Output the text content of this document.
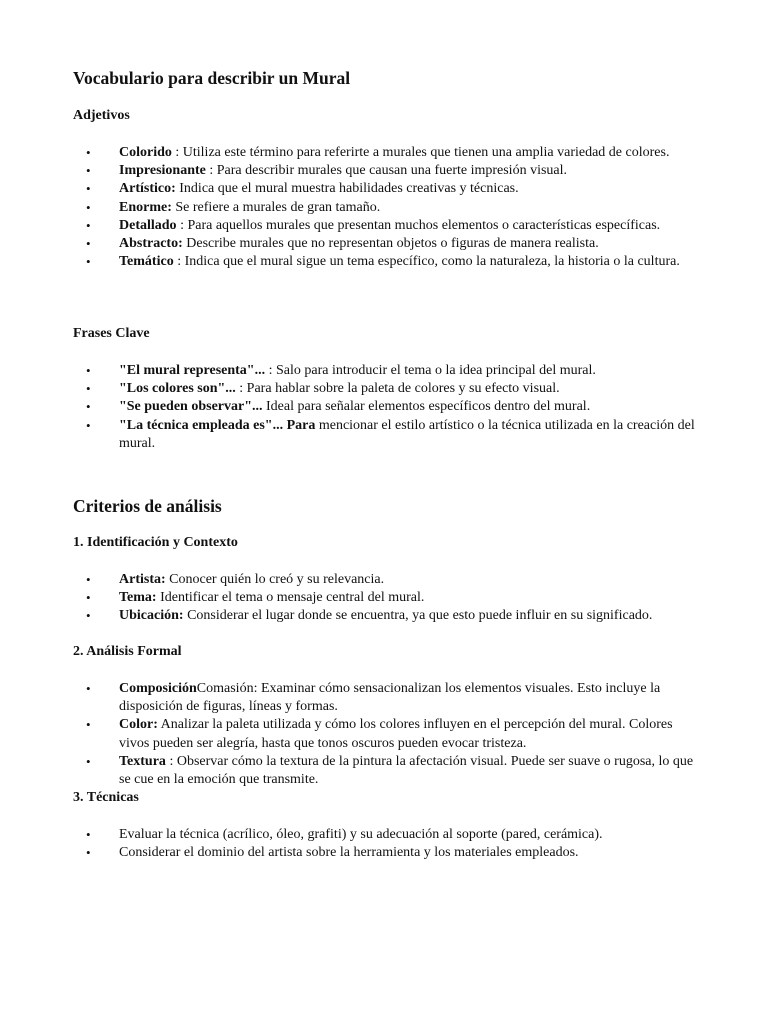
Vocabulario para describir un Mural
Adjetivos
• Colorido : Utiliza este término para referirte a murales que tienen una amplia variedad de colores.
• Impresionante : Para describir murales que causan una fuerte impresión visual.
• Artístico: Indica que el mural muestra habilidades creativas y técnicas.
• Enorme: Se refiere a murales de gran tamaño.
• Detallado : Para aquellos murales que presentan muchos elementos o características específicas.
• Abstracto: Describe murales que no representan objetos o figuras de manera realista.
• Temático : Indica que el mural sigue un tema específico, como la naturaleza, la historia o la cultura.
Frases Clave
• "El mural representa"... : Salo para introducir el tema o la idea principal del mural.
• "Los colores son"... : Para hablar sobre la paleta de colores y su efecto visual.
• "Se pueden observar"... Ideal para señalar elementos específicos dentro del mural.
• "La técnica empleada es"... Para mencionar el estilo artístico o la técnica utilizada en la creación del mural.
Criterios de análisis
1. Identificación y Contexto
• Artista: Conocer quién lo creó y su relevancia.
• Tema: Identificar el tema o mensaje central del mural.
• Ubicación: Considerar el lugar donde se encuentra, ya que esto puede influir en su significado.
2. Análisis Formal
• ComposiciónComasión: Examinar cómo sensacionalizan los elementos visuales. Esto incluye la disposición de figuras, líneas y formas.
• Color: Analizar la paleta utilizada y cómo los colores influyen en el percepción del mural. Colores vivos pueden ser alegría, hasta que tonos oscuros pueden evocar tristeza.
• Textura : Observar cómo la textura de la pintura la afectación visual. Puede ser suave o rugosa, lo que se cue en la emoción que transmite.
3. Técnicas
• Evaluar la técnica (acrílico, óleo, grafiti) y su adecuación al soporte (pared, cerámica).
• Considerar el dominio del artista sobre la herramienta y los materiales empleados.
